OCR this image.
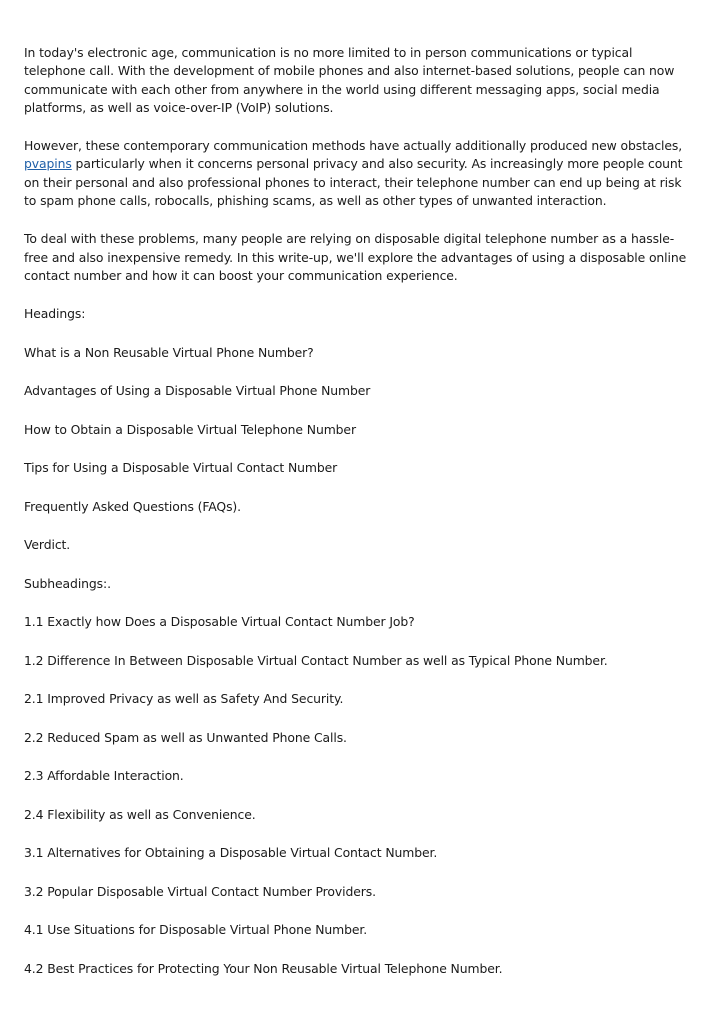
In today's electronic age, communication is no more limited to in person communications or typical telephone call. With the development of mobile phones and also internet-based solutions, people can now communicate with each other from anywhere in the world using different messaging apps, social media platforms, as well as voice-over-IP (VoIP) solutions.

However, these contemporary communication methods have actually additionally produced new obstacles, pvapins particularly when it concerns personal privacy and also security. As increasingly more people count on their personal and also professional phones to interact, their telephone number can end up being at risk to spam phone calls, robocalls, phishing scams, as well as other types of unwanted interaction.

To deal with these problems, many people are relying on disposable digital telephone number as a hassle-free and also inexpensive remedy. In this write-up, we'll explore the advantages of using a disposable online contact number and how it can boost your communication experience.

Headings:

What is a Non Reusable Virtual Phone Number?

Advantages of Using a Disposable Virtual Phone Number

How to Obtain a Disposable Virtual Telephone Number

Tips for Using a Disposable Virtual Contact Number

Frequently Asked Questions (FAQs).

Verdict.

Subheadings:.

1.1 Exactly how Does a Disposable Virtual Contact Number Job?

1.2 Difference In Between Disposable Virtual Contact Number as well as Typical Phone Number.

2.1 Improved Privacy as well as Safety And Security.

2.2 Reduced Spam as well as Unwanted Phone Calls.

2.3 Affordable Interaction.

2.4 Flexibility as well as Convenience.

3.1 Alternatives for Obtaining a Disposable Virtual Contact Number.

3.2 Popular Disposable Virtual Contact Number Providers.

4.1 Use Situations for Disposable Virtual Phone Number.

4.2 Best Practices for Protecting Your Non Reusable Virtual Telephone Number.
